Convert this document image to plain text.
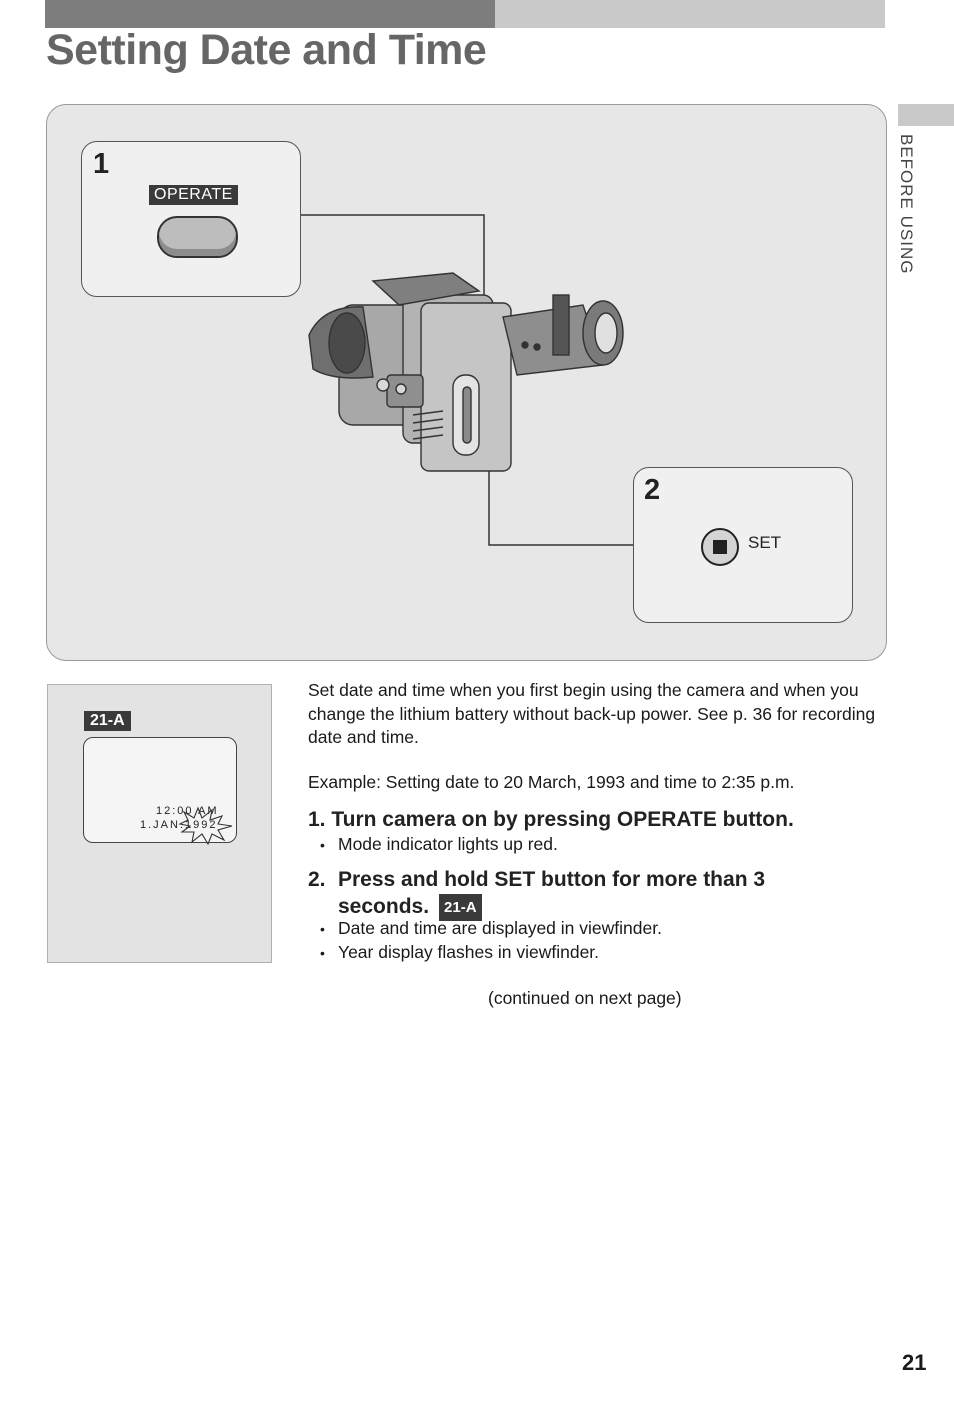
Setting Date and Time
BEFORE USING
1
OPERATE
2
SET
21-A
12:00 AM
1.JAN.1992
Set date and time when you first begin using the camera and when you change the lithium battery without back-up power. See p. 36 for recording date and time.
Example: Setting date to 20 March, 1993 and time to 2:35 p.m.
1. Turn camera on by pressing OPERATE button.
• Mode indicator lights up red.
2. Press and hold SET button for more than 3
seconds. 21-A
• Date and time are displayed in viewfinder.
• Year display flashes in viewfinder.
(continued on next page)
21
